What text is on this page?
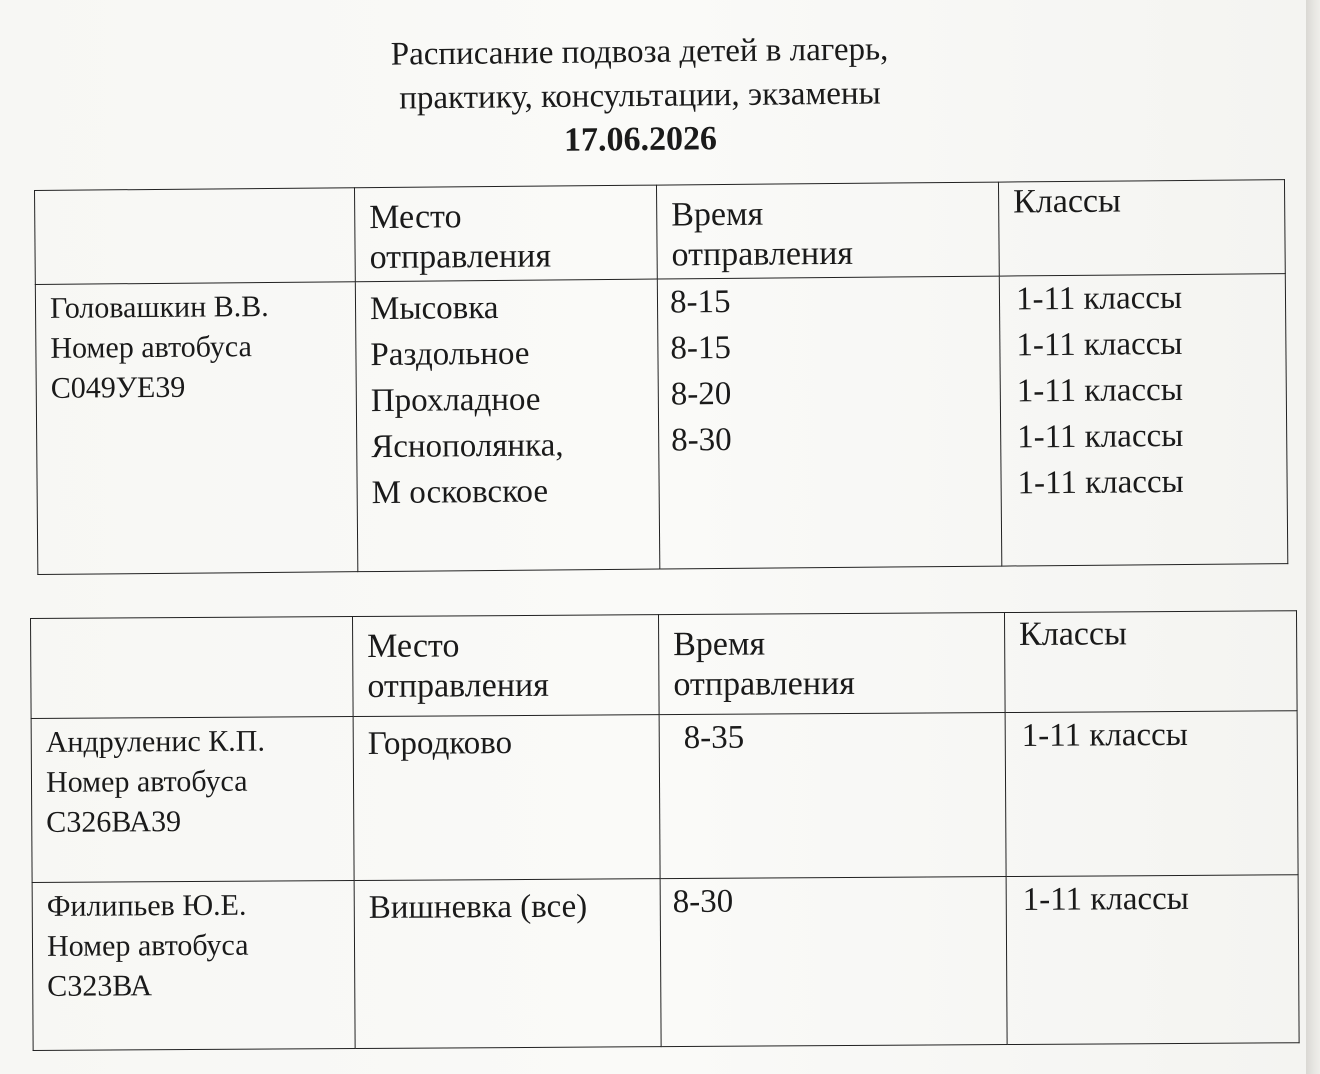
Расписание подвоза детей в лагерь,
практику, консультации, экзамены
17.06.2026

	Место
отправления	Время
отправления	Классы

Головашкин В.В.
Номер автобуса
С049УЕ39	Мысовка
Раздольное
Прохладное
Яснополянка,
М осковское	8-15
8-15
8-20
8-30	1-11 классы
1-11 классы
1-11 классы
1-11 классы
1-11 классы

	Место
отправления	Время
отправления	Классы

Андруленис К.П.
Номер автобуса
С326ВА39	Городково	8-35	1-11 классы

Филипьев Ю.Е.
Номер автобуса
С323ВА	Вишневка (все)	8-30	1-11 классы
